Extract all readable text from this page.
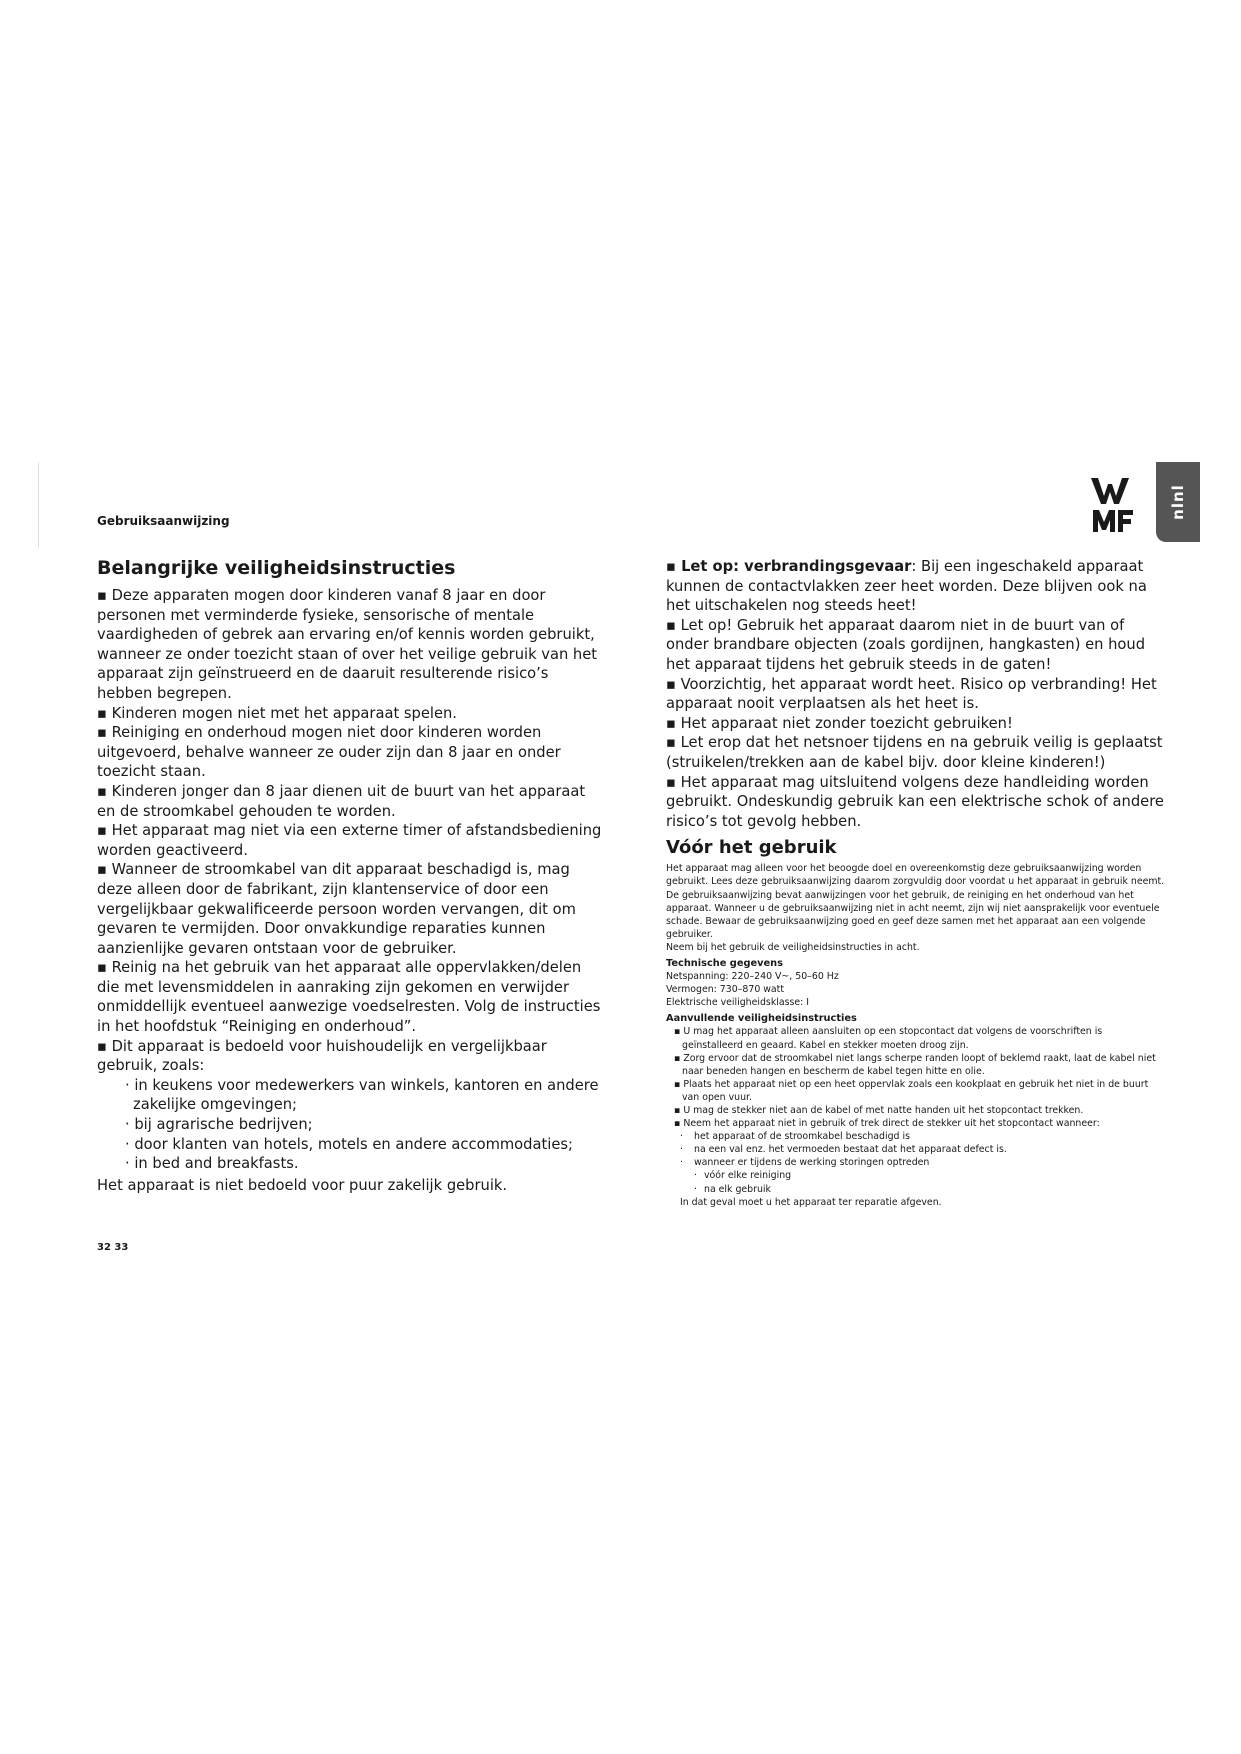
Gebruiksaanwijzing
nlnl
Belangrijke veiligheidsinstructies

▪ Deze apparaten mogen door kinderen vanaf 8 jaar en door personen met verminderde fysieke, sensorische of mentale vaardigheden of gebrek aan ervaring en/of kennis worden gebruikt, wanneer ze onder toezicht staan of over het veilige gebruik van het apparaat zijn geïnstrueerd en de daaruit resulterende risico’s hebben begrepen.

▪ Kinderen mogen niet met het apparaat spelen.

▪ Reiniging en onderhoud mogen niet door kinderen worden uitgevoerd, behalve wanneer ze ouder zijn dan 8 jaar en onder toezicht staan.

▪ Kinderen jonger dan 8 jaar dienen uit de buurt van het apparaat en de stroomkabel gehouden te worden.

▪ Het apparaat mag niet via een externe timer of afstandsbediening worden geactiveerd.

▪ Wanneer de stroomkabel van dit apparaat beschadigd is, mag deze alleen door de fabrikant, zijn klantenservice of door een vergelijkbaar gekwalificeerde persoon worden vervangen, dit om gevaren te vermijden. Door onvakkundige reparaties kunnen aanzienlijke gevaren ontstaan voor de gebruiker.

▪ Reinig na het gebruik van het apparaat alle oppervlakken/delen die met levensmiddelen in aanraking zijn gekomen en verwijder onmiddellijk eventueel aanwezige voedselresten. Volg de instructies in het hoofdstuk “Reiniging en onderhoud”.

▪ Dit apparaat is bedoeld voor huishoudelijk en vergelijkbaar gebruik, zoals:

· in keukens voor medewerkers van winkels, kantoren en andere zakelijke omgevingen;
· bij agrarische bedrijven;
· door klanten van hotels, motels en andere accommodaties;
· in bed and breakfasts.

Het apparaat is niet bedoeld voor puur zakelijk gebruik.

▪ Let op: verbrandingsgevaar: Bij een ingeschakeld apparaat kunnen de contactvlakken zeer heet worden. Deze blijven ook na het uitschakelen nog steeds heet!

▪ Let op! Gebruik het apparaat daarom niet in de buurt van of onder brandbare objecten (zoals gordijnen, hangkasten) en houd het apparaat tijdens het gebruik steeds in de gaten!

▪ Voorzichtig, het apparaat wordt heet. Risico op verbranding! Het apparaat nooit verplaatsen als het heet is.

▪ Het apparaat niet zonder toezicht gebruiken!

▪ Let erop dat het netsnoer tijdens en na gebruik veilig is geplaatst (struikelen/trekken aan de kabel bijv. door kleine kinderen!)

▪ Het apparaat mag uitsluitend volgens deze handleiding worden gebruikt. Ondeskundig gebruik kan een elektrische schok of andere risico’s tot gevolg hebben.

Vóór het gebruik

Het apparaat mag alleen voor het beoogde doel en overeenkomstig deze gebruiksaanwijzing worden gebruikt. Lees deze gebruiksaanwijzing daarom zorgvuldig door voordat u het apparaat in gebruik neemt. De gebruiksaanwijzing bevat aanwijzingen voor het gebruik, de reiniging en het onderhoud van het apparaat. Wanneer u de gebruiksaanwijzing niet in acht neemt, zijn wij niet aansprakelijk voor eventuele schade. Bewaar de gebruiksaanwijzing goed en geef deze samen met het apparaat aan een volgende gebruiker.

Neem bij het gebruik de veiligheidsinstructies in acht.

Technische gegevens

Netspanning: 220–240 V~, 50–60 Hz

Vermogen: 730–870 watt

Elektrische veiligheidsklasse: I

Aanvullende veiligheidsinstructies

▪ U mag het apparaat alleen aansluiten op een stopcontact dat volgens de voorschriften is geïnstalleerd en geaard. Kabel en stekker moeten droog zijn.
▪ Zorg ervoor dat de stroomkabel niet langs scherpe randen loopt of beklemd raakt, laat de kabel niet naar beneden hangen en bescherm de kabel tegen hitte en olie.
▪ Plaats het apparaat niet op een heet oppervlak zoals een kookplaat en gebruik het niet in de buurt van open vuur.
▪ U mag de stekker niet aan de kabel of met natte handen uit het stopcontact trekken.
▪ Neem het apparaat niet in gebruik of trek direct de stekker uit het stopcontact wanneer:
· het apparaat of de stroomkabel beschadigd is
· na een val enz. het vermoeden bestaat dat het apparaat defect is.
· wanneer er tijdens de werking storingen optreden
· vóór elke reiniging
· na elk gebruik

In dat geval moet u het apparaat ter reparatie afgeven.

32 33
